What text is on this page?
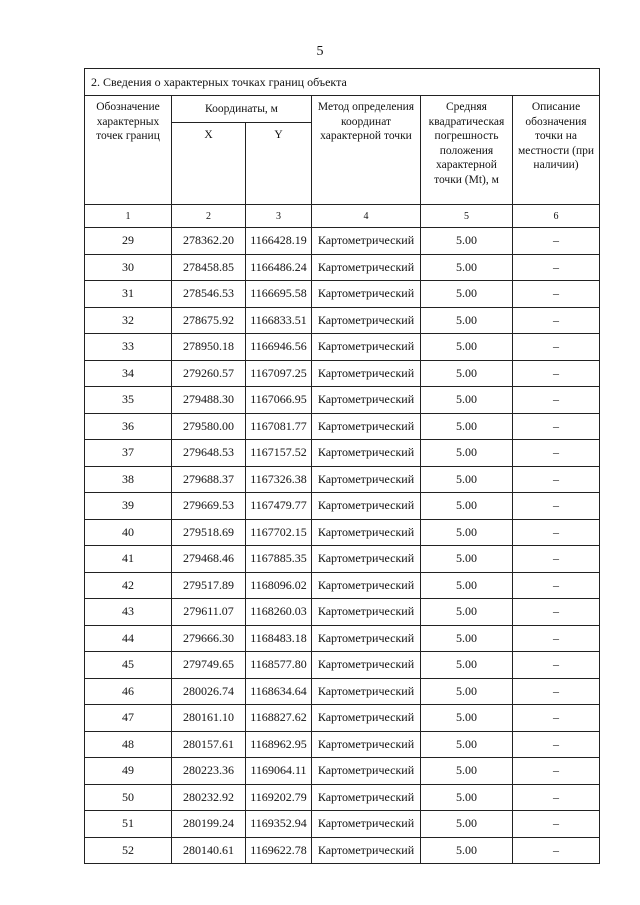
5
2. Сведения о характерных точках границ объекта					
Обозначение характерных точек границ	Координаты, м		Метод определения координат характерной точки	Средняя квадратическая погрешность положения характерной точки (Mt), м	Описание обозначения точки на местности (при наличии)
	X	Y			
1	2	3	4	5	6
29	278362.20	1166428.19	Картометрический	5.00	–
30	278458.85	1166486.24	Картометрический	5.00	–
31	278546.53	1166695.58	Картометрический	5.00	–
32	278675.92	1166833.51	Картометрический	5.00	–
33	278950.18	1166946.56	Картометрический	5.00	–
34	279260.57	1167097.25	Картометрический	5.00	–
35	279488.30	1167066.95	Картометрический	5.00	–
36	279580.00	1167081.77	Картометрический	5.00	–
37	279648.53	1167157.52	Картометрический	5.00	–
38	279688.37	1167326.38	Картометрический	5.00	–
39	279669.53	1167479.77	Картометрический	5.00	–
40	279518.69	1167702.15	Картометрический	5.00	–
41	279468.46	1167885.35	Картометрический	5.00	–
42	279517.89	1168096.02	Картометрический	5.00	–
43	279611.07	1168260.03	Картометрический	5.00	–
44	279666.30	1168483.18	Картометрический	5.00	–
45	279749.65	1168577.80	Картометрический	5.00	–
46	280026.74	1168634.64	Картометрический	5.00	–
47	280161.10	1168827.62	Картометрический	5.00	–
48	280157.61	1168962.95	Картометрический	5.00	–
49	280223.36	1169064.11	Картометрический	5.00	–
50	280232.92	1169202.79	Картометрический	5.00	–
51	280199.24	1169352.94	Картометрический	5.00	–
52	280140.61	1169622.78	Картометрический	5.00	–
